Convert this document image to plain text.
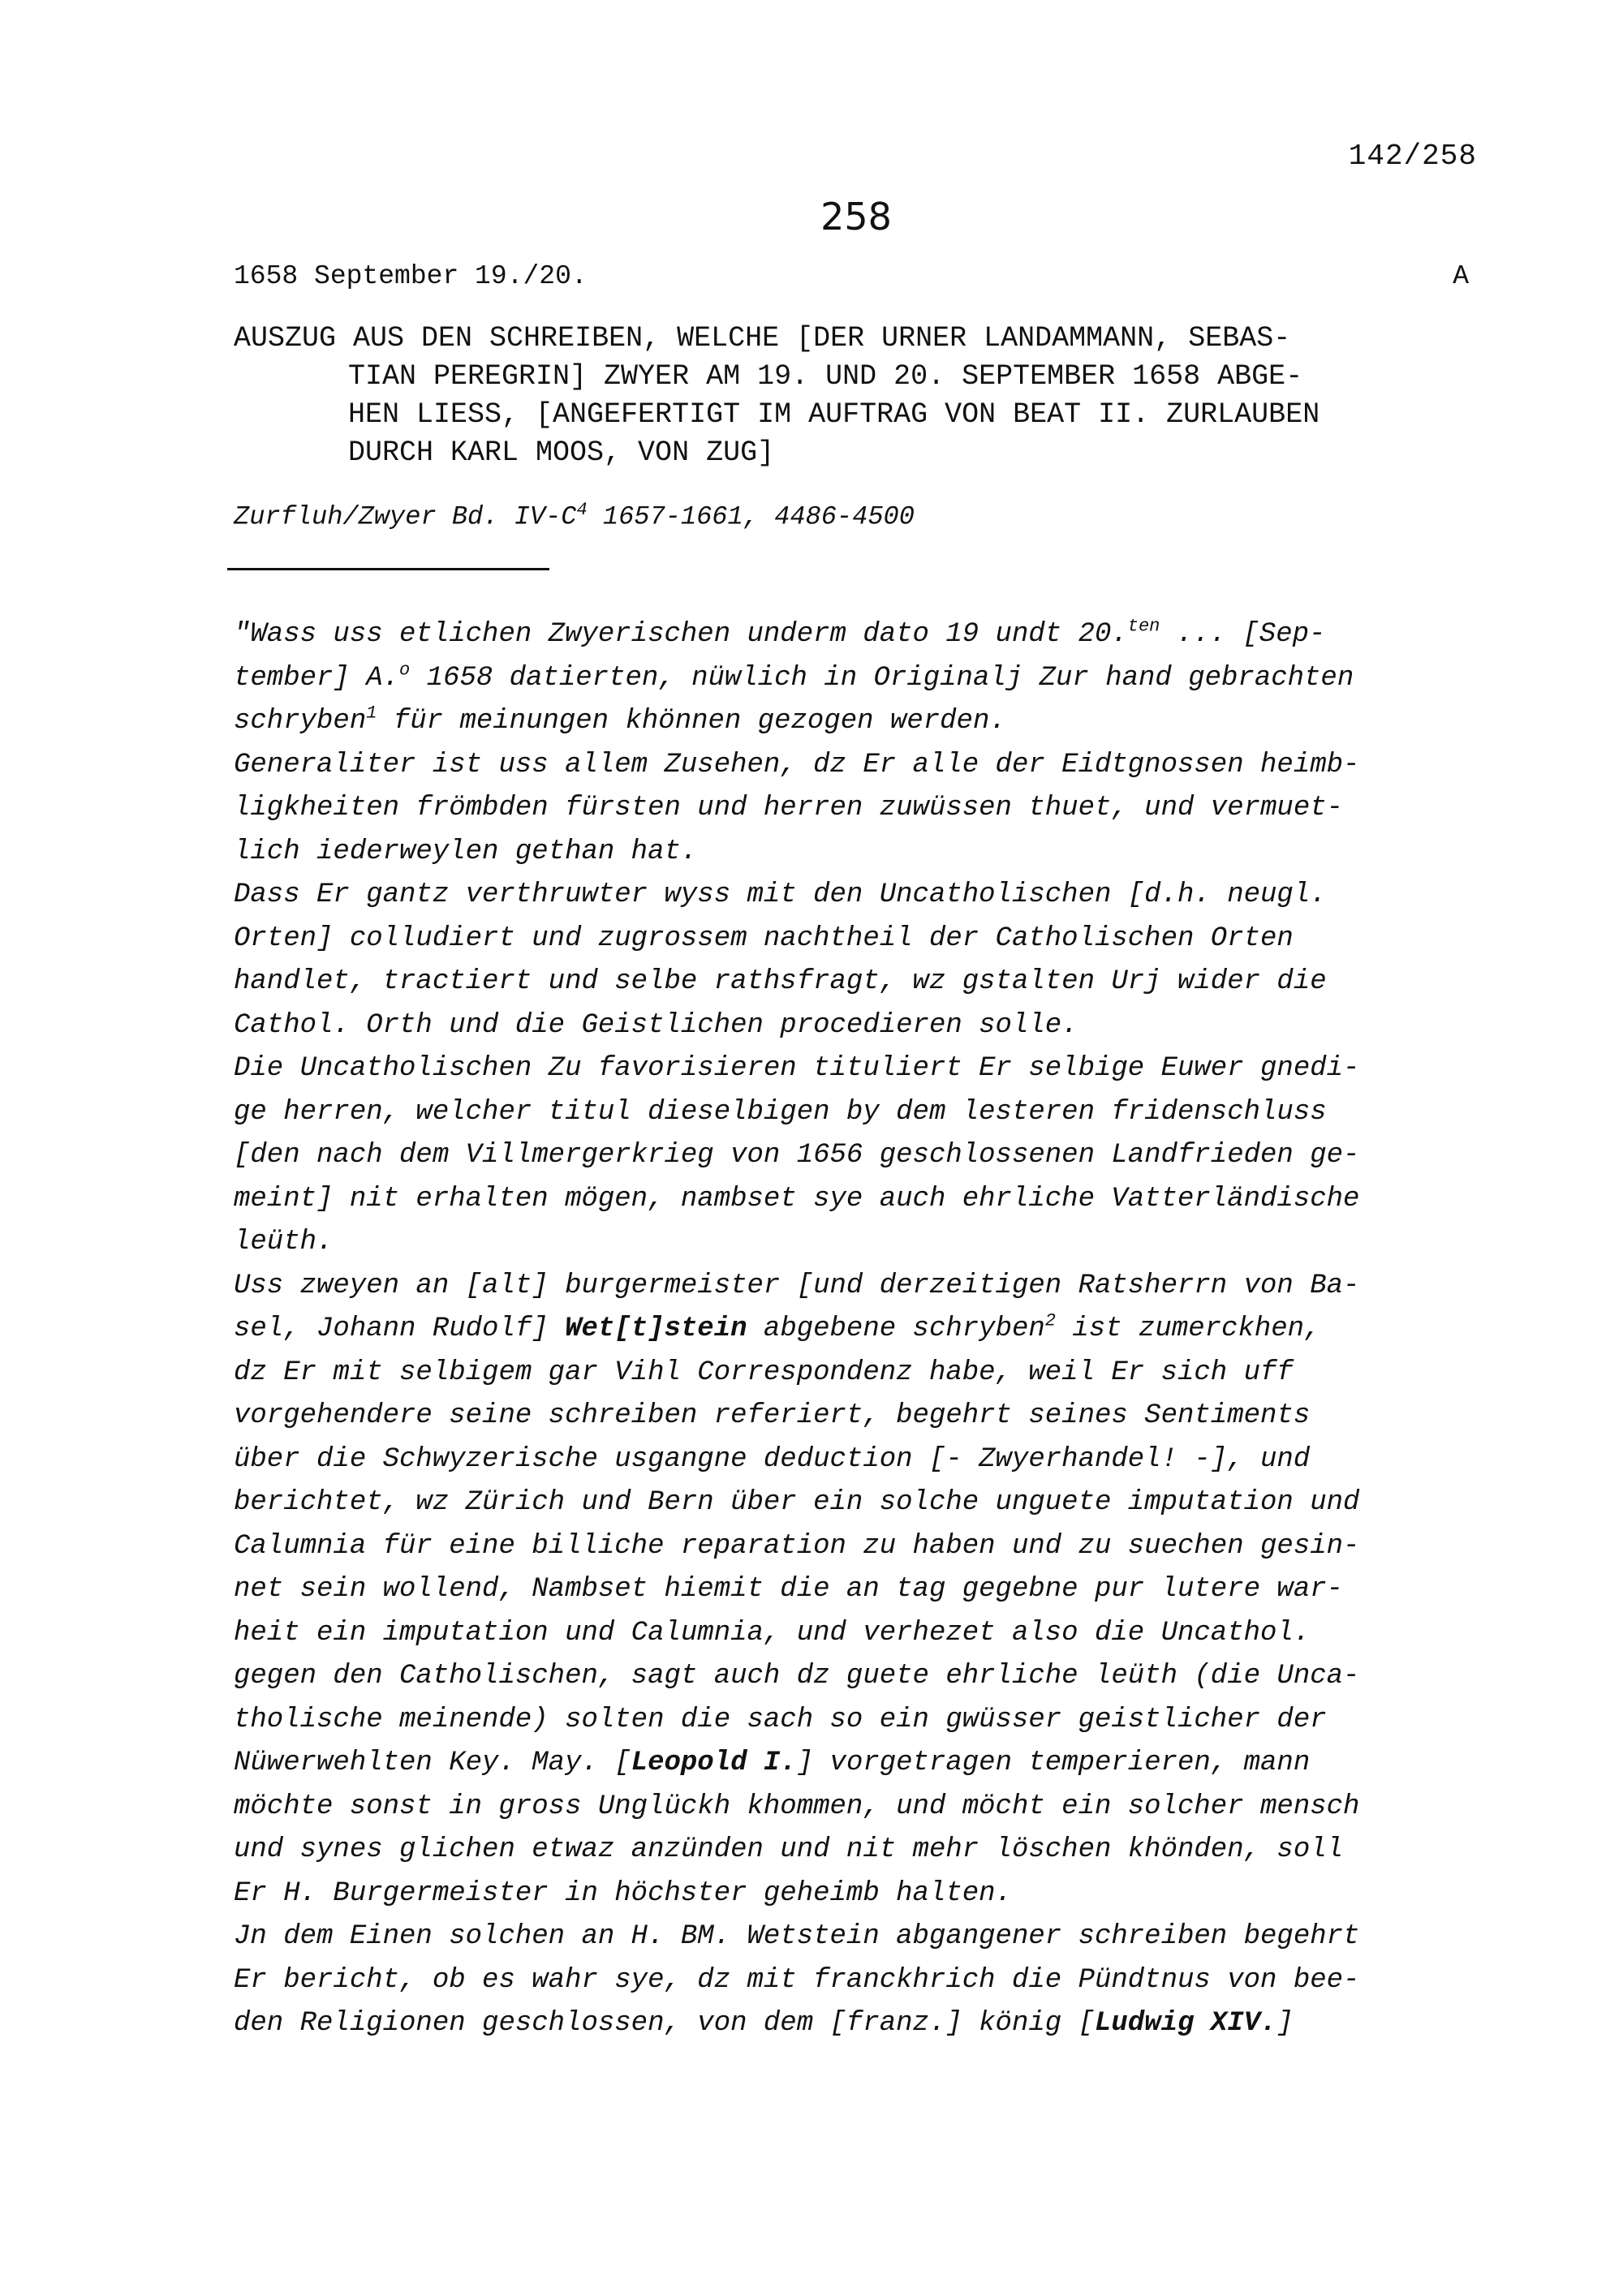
142/258
258
1658 September 19./20.	A
AUSZUG AUS DEN SCHREIBEN, WELCHE [DER URNER LANDAMMANN, SEBAS-
TIAN PEREGRIN] ZWYER AM 19. UND 20. SEPTEMBER 1658 ABGE-
HEN LIESS, [ANGEFERTIGT IM AUFTRAG VON BEAT II. ZURLAUBEN
DURCH KARL MOOS, VON ZUG]
Zurfluh/Zwyer Bd. $IV-C^4$ 1657-1661, 4486-4500
"Wass uss etlichen Zwyerischen underm dato 19 undt 20.$^{ten}$ ... [Sep-
tember] A.$^o$ 1658 datierten, nüwlich in Originalj Zur hand gebrachten
schryben$^1$ für meinungen khönnen gezogen werden.
Generaliter ist uss allem Zusehen, dz Er alle der Eidtgnossen heimb-
ligkheiten frömbden fürsten und herren zuwüssen thuet, und vermuet-
lich iederweylen gethan hat.
Dass Er gantz verthruwter wyss mit den Uncatholischen [d.h. neugl.
Orten] colludiert und zugrossem nachtheil der Catholischen Orten
handlet, tractiert und selbe rathsfragt, wz gstalten Urj wider die
Cathol. Orth und die Geistlichen procedieren solle.
Die Uncatholischen Zu favorisieren tituliert Er selbige Euwer gnedi-
ge herren, welcher titul dieselbigen by dem lesteren fridenschluss
[den nach dem Villmergerkrieg von 1656 geschlossenen Landfrieden ge-
meint] nit erhalten mögen, nambset sye auch ehrliche Vatterländische
leüth.
Uss zweyen an [alt] burgermeister [und derzeitigen Ratsherrn von Ba-
sel, Johann Rudolf] Wet[t]stein abgebene schryben$^2$ ist zumerckhen,
dz Er mit selbigem gar Vihl Correspondenz habe, weil Er sich uff
vorgehendere seine schreiben referiert, begehrt seines Sentiments
über die Schwyzerische usgangne deduction [- Zwyerhandel! -], und
berichtet, wz Zürich und Bern über ein solche unguete imputation und
Calumnia für eine billiche reparation zu haben und zu suechen gesin-
net sein wollend, Nambset hiemit die an tag gegebne pur lutere war-
heit ein imputation und Calumnia, und verhezet also die Uncathol.
gegen den Catholischen, sagt auch dz guete ehrliche leüth (die Unca-
tholische meinende) solten die sach so ein gwüsser geistlicher der
Nüwerwehlten Key. May. [Leopold I.] vorgetragen temperieren, mann
möchte sonst in gross Unglückh khommen, und möcht ein solcher mensch
und synes glichen etwaz anzünden und nit mehr löschen khönden, soll
Er H. Burgermeister in höchster geheimb halten.
Jn dem Einen solchen an H. BM. Wetstein abgangener schreiben begehrt
Er bericht, ob es wahr sye, dz mit franckhrich die Pündtnus von bee-
den Religionen geschlossen, von dem [franz.] könig [Ludwig XIV.]
